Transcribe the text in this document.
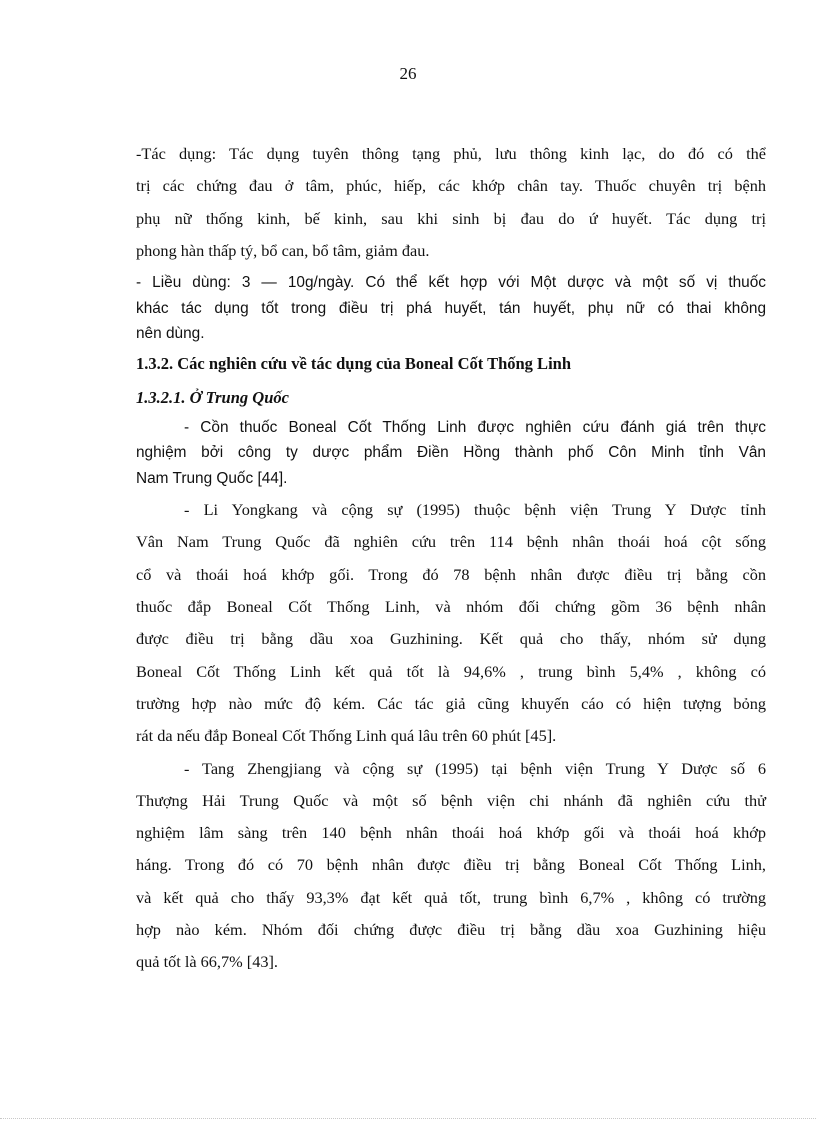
26

-Tác dụng: Tác dụng tuyên thông tạng phủ, lưu thông kinh lạc, do đó có thể
trị các chứng đau ở tâm, phúc, hiếp, các khớp chân tay. Thuốc chuyên trị bệnh
phụ nữ thống kinh, bế kinh, sau khi sinh bị đau do ứ huyết. Tác dụng trị
phong hàn thấp tý, bổ can, bổ tâm, giảm đau.

- Liều dùng: 3 — 10g/ngày. Có thể kết hợp với Một dược và một số vị thuốc
khác tác dụng tốt trong điều trị phá huyết, tán huyết, phụ nữ có thai không
nên dùng.

1.3.2. Các nghiên cứu về tác dụng của Boneal Cốt Thống Linh
1.3.2.1. Ở Trung Quốc

- Cồn thuốc Boneal Cốt Thống Linh được nghiên cứu đánh giá trên thực
nghiệm bởi công ty dược phẩm Điền Hồng thành phố Côn Minh tỉnh Vân
Nam Trung Quốc [44].

- Li Yongkang và cộng sự (1995) thuộc bệnh viện Trung Y Dược tỉnh
Vân Nam Trung Quốc đã nghiên cứu trên 114 bệnh nhân thoái hoá cột sống
cổ và thoái hoá khớp gối. Trong đó 78 bệnh nhân được điều trị bằng cồn
thuốc đắp Boneal Cốt Thống Linh, và nhóm đối chứng gồm 36 bệnh nhân
được điều trị bằng dầu xoa Guzhining. Kết quả cho thấy, nhóm sử dụng
Boneal Cốt Thống Linh kết quả tốt là 94,6% , trung bình 5,4% , không có
trường hợp nào mức độ kém. Các tác giả cũng khuyến cáo có hiện tượng bỏng
rát da nếu đắp Boneal Cốt Thống Linh quá lâu trên 60 phút [45].

- Tang Zhengjiang và cộng sự (1995) tại bệnh viện Trung Y Dược số 6
Thượng Hải Trung Quốc và một số bệnh viện chi nhánh đã nghiên cứu thử
nghiệm lâm sàng trên 140 bệnh nhân thoái hoá khớp gối và thoái hoá khớp
háng. Trong đó có 70 bệnh nhân được điều trị bằng Boneal Cốt Thống Linh,
và kết quả cho thấy 93,3% đạt kết quả tốt, trung bình 6,7% , không có trường
hợp nào kém. Nhóm đối chứng được điều trị bằng dầu xoa Guzhining hiệu
quả tốt là 66,7% [43].
